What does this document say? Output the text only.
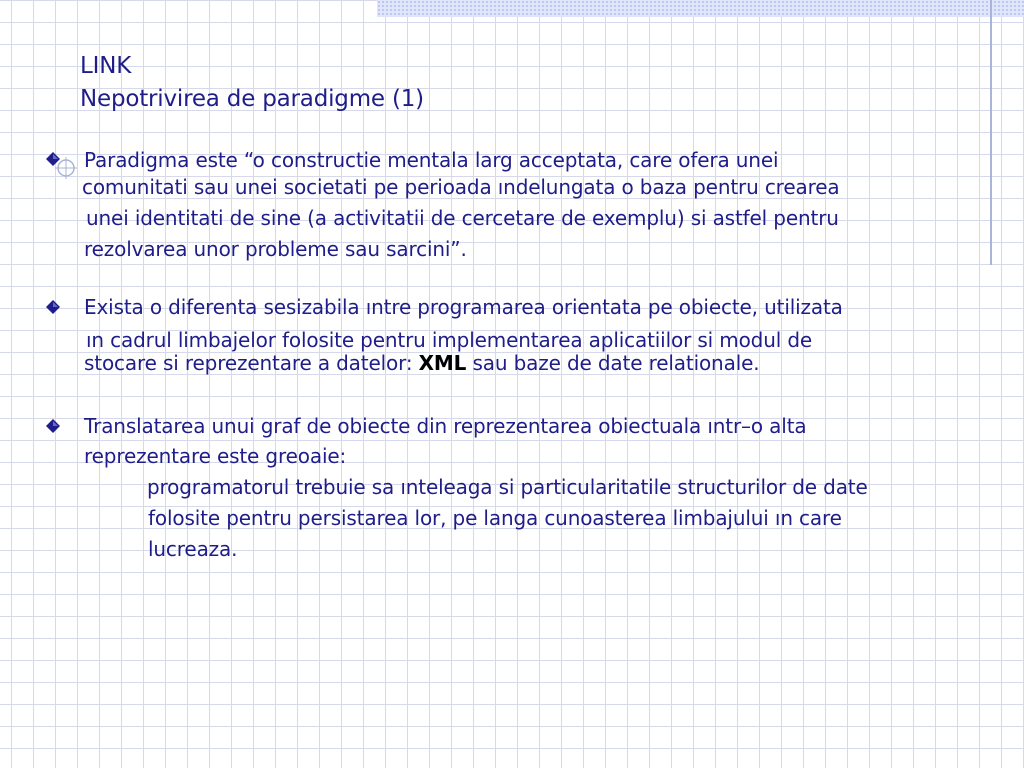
LINK
Nepotrivirea de paradigme (1)
Paradigma este “o constructie mentala larg acceptata, care ofera unei
comunitati sau unei societati pe perioada ındelungata o baza pentru crearea
unei identitati de sine (a activitatii de cercetare de exemplu) si astfel pentru
rezolvarea unor probleme sau sarcini”.
Exista o diferenta sesizabila ıntre programarea orientata pe obiecte, utilizata
ın cadrul limbajelor folosite pentru implementarea aplicatiilor si modul de
stocare si reprezentare a datelor: XML sau baze de date relationale.
Translatarea unui graf de obiecte din reprezentarea obiectuala ıntr–o alta
reprezentare este greoaie:
programatorul trebuie sa ınteleaga si particularitatile structurilor de date
folosite pentru persistarea lor, pe langa cunoasterea limbajului ın care
lucreaza.
